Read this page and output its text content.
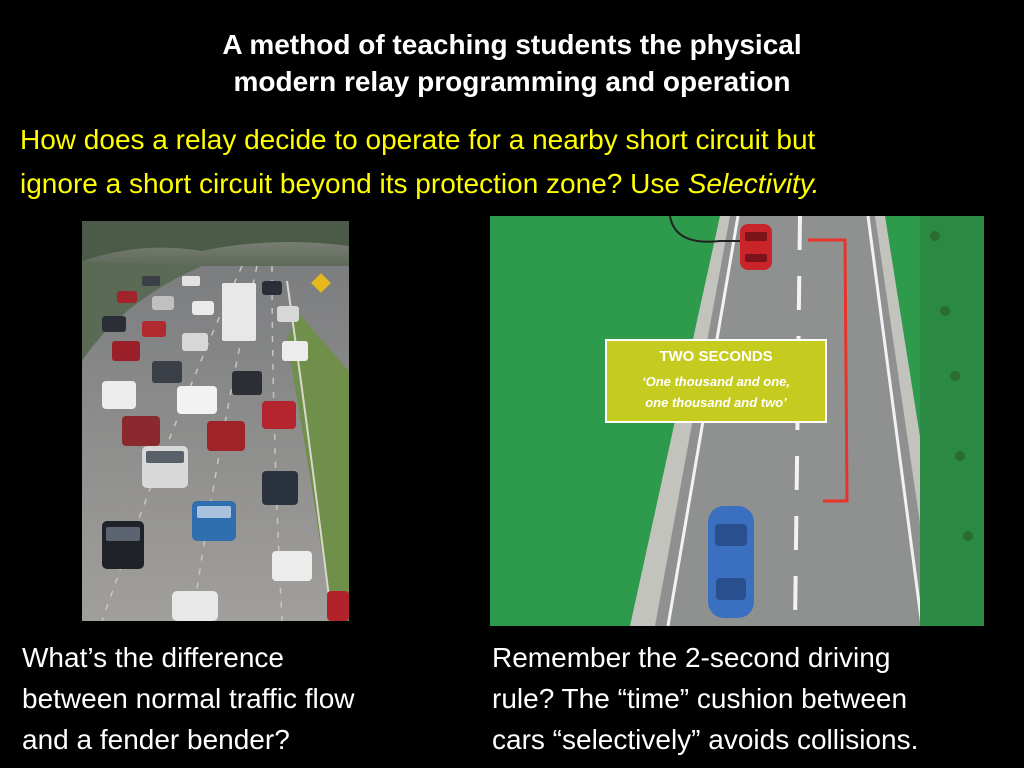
A method of teaching students the physical
modern relay programming and operation
How does a relay decide to operate for a nearby short circuit but
ignore a short circuit beyond its protection zone? Use Selectivity.
TWO SECONDS
‘One thousand and one,
one thousand and two’
What’s the difference
between normal traffic flow
and a fender bender?
Remember the 2-second driving
rule? The “time” cushion between
cars “selectively” avoids collisions.
